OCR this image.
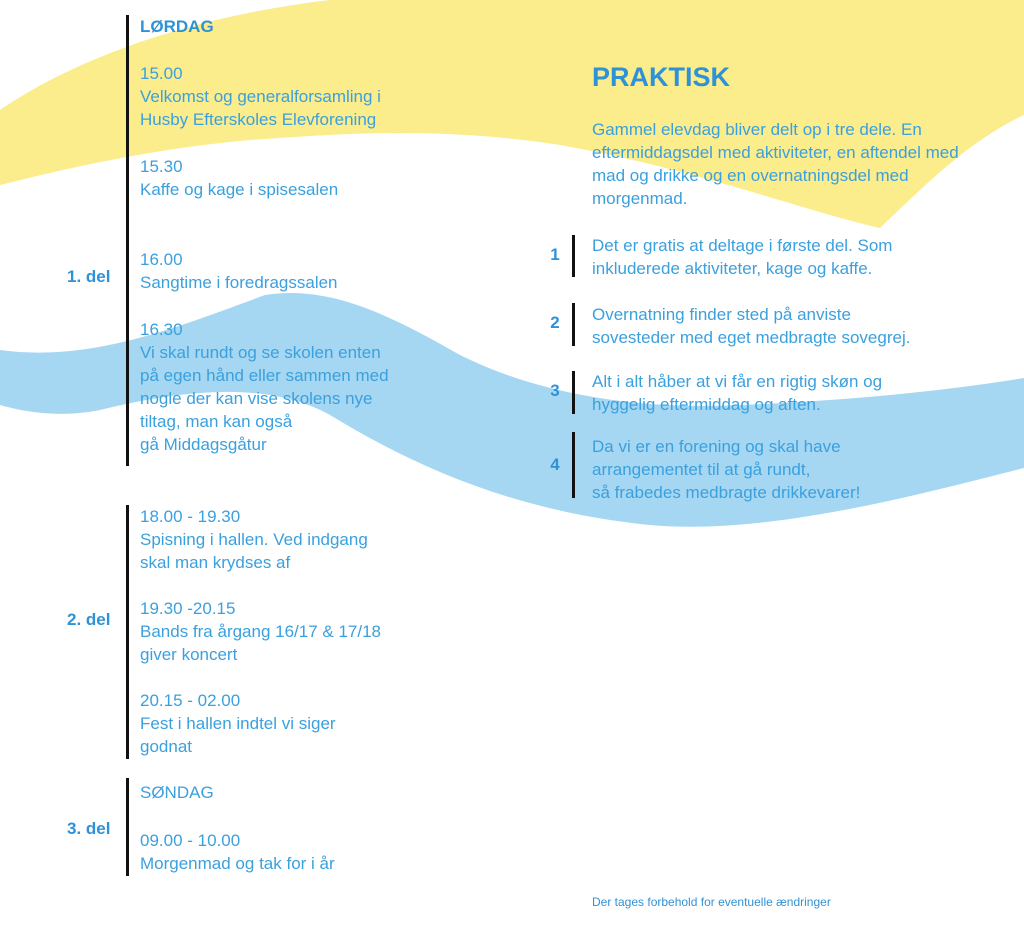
LØRDAG
1. del
2. del
3. del
15.00
Velkomst og generalforsamling i
Husby Efterskoles Elevforening
15.30
Kaffe og kage i spisesalen
16.00
Sangtime i foredragssalen
16.30
Vi skal rundt og se skolen enten
på egen hånd eller sammen med
nogle der kan vise skolens nye
tiltag, man kan også
gå Middagsgåtur
18.00 - 19.30
Spisning i hallen. Ved indgang
skal man krydses af
19.30 -20.15
Bands fra årgang 16/17 & 17/18
giver koncert
20.15 - 02.00
Fest i hallen indtel vi siger
godnat
SØNDAG
09.00 - 10.00
Morgenmad og tak for i år
PRAKTISK
Gammel elevdag bliver delt op i tre dele. En eftermiddagsdel med aktiviteter, en aftendel med mad og drikke og en overnatningsdel med morgenmad.
1 Det er gratis at deltage i første del. Som
inkluderede aktiviteter, kage og kaffe.
2 Overnatning finder sted på anviste
sovesteder med eget medbragte sovegrej.
3 Alt i alt håber at vi får en rigtig skøn og
hyggelig eftermiddag og aften.
4
Da vi er en forening og skal have
arrangementet til at gå rundt,
så frabedes medbragte drikkevarer!
Der tages forbehold for eventuelle ændringer
